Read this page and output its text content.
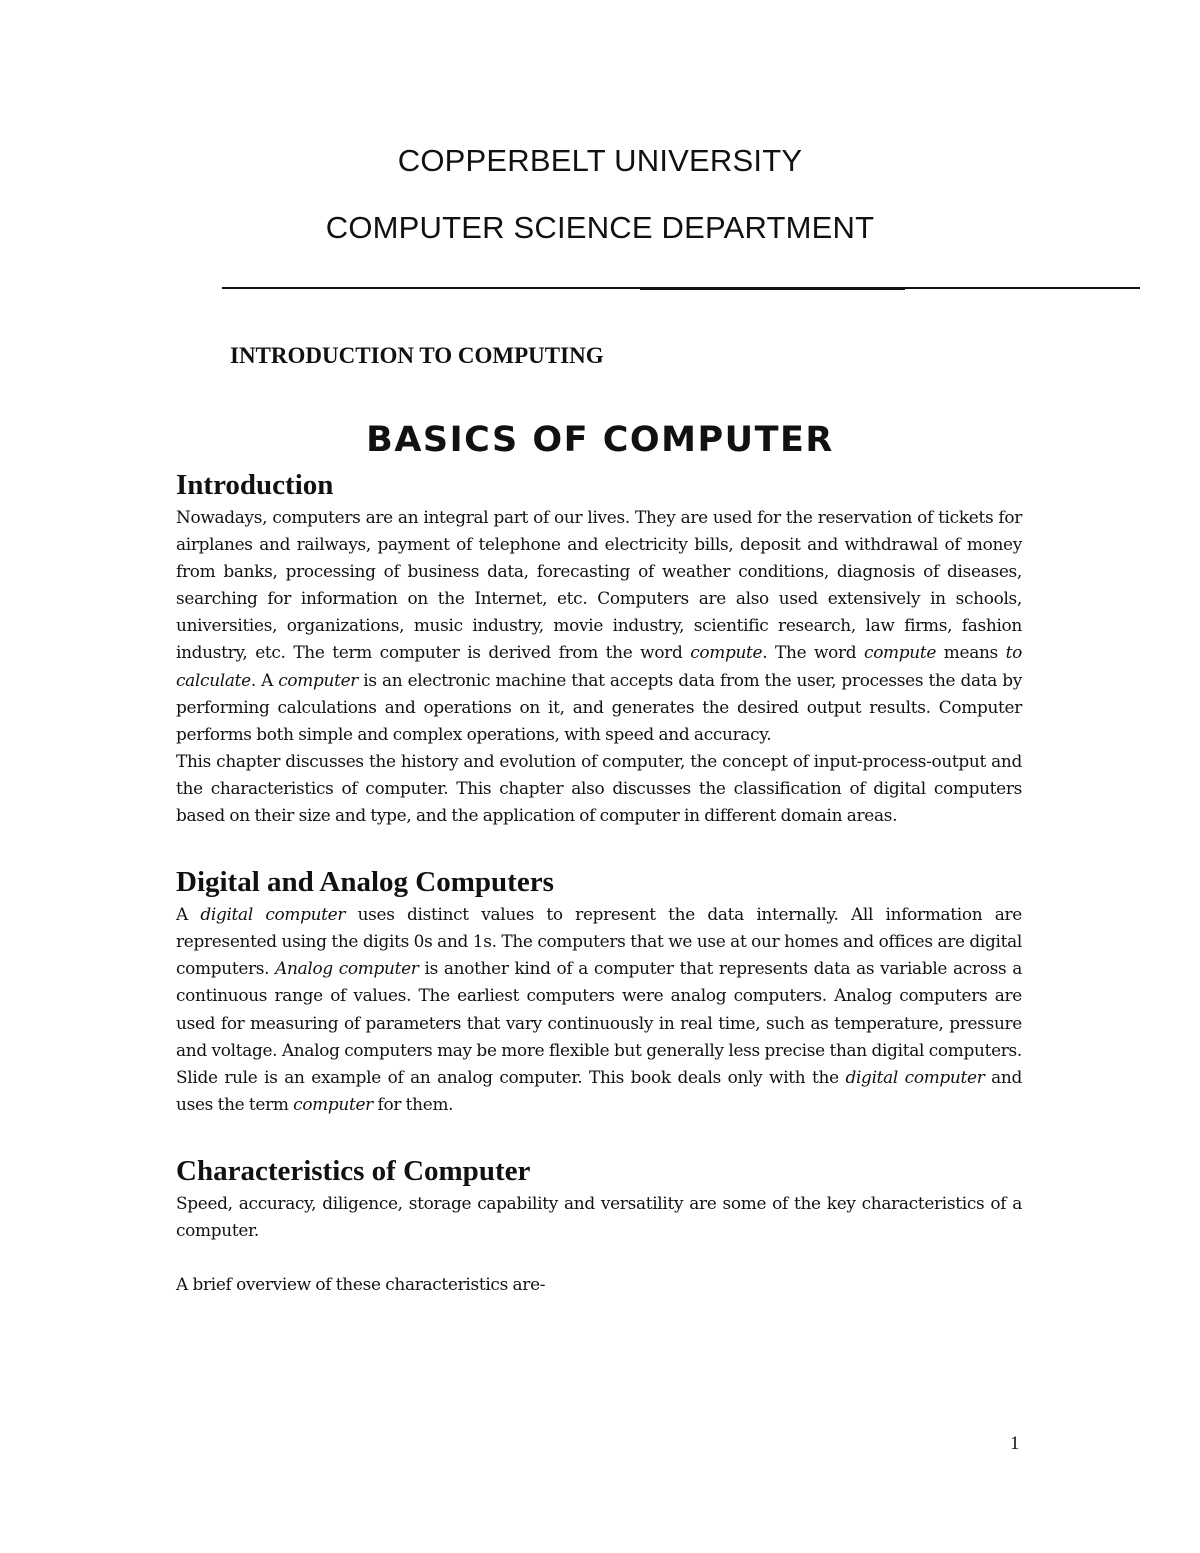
COPPERBELT UNIVERSITY
COMPUTER SCIENCE DEPARTMENT
INTRODUCTION TO COMPUTING
BASICS OF COMPUTER
Introduction

Nowadays, computers are an integral part of our lives. They are used for the reservation of tickets for airplanes and railways, payment of telephone and electricity bills, deposit and withdrawal of money from banks, processing of business data, forecasting of weather conditions, diagnosis of diseases, searching for information on the Internet, etc. Computers are also used extensively in schools, universities, organizations, music industry, movie industry, scientific research, law firms, fashion industry, etc. The term computer is derived from the word compute. The word compute means to calculate. A computer is an electronic machine that accepts data from the user, processes the data by performing calculations and operations on it, and generates the desired output results. Computer performs both simple and complex operations, with speed and accuracy.

This chapter discusses the history and evolution of computer, the concept of input-process-output and the characteristics of computer. This chapter also discusses the classification of digital computers based on their size and type, and the application of computer in different domain areas.

Digital and Analog Computers

A digital computer uses distinct values to represent the data internally. All information are represented using the digits 0s and 1s. The computers that we use at our homes and offices are digital computers. Analog computer is another kind of a computer that represents data as variable across a continuous range of values. The earliest computers were analog computers. Analog computers are used for measuring of parameters that vary continuously in real time, such as temperature, pressure and voltage. Analog computers may be more flexible but generally less precise than digital computers. Slide rule is an example of an analog computer. This book deals only with the digital computer and uses the term computer for them.

Characteristics of Computer

Speed, accuracy, diligence, storage capability and versatility are some of the key characteristics of a computer.

A brief overview of these characteristics are-

1
